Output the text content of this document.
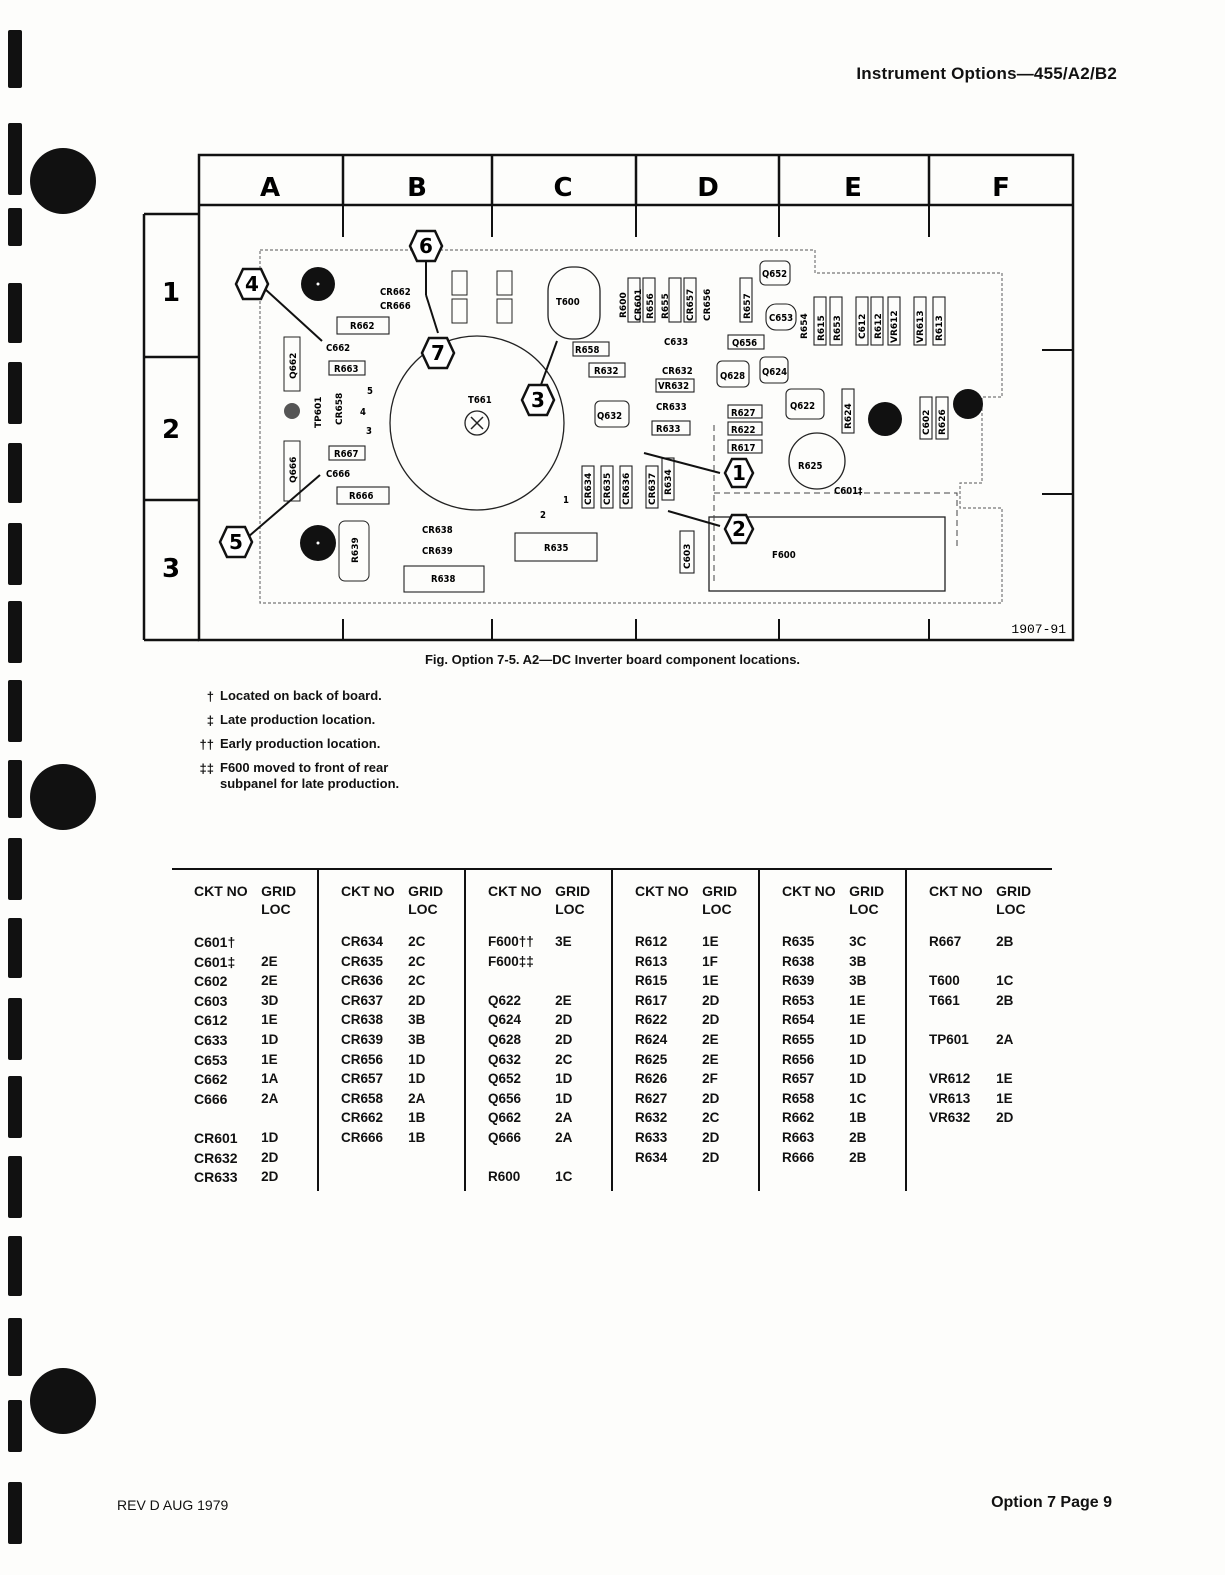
Instrument Options—455/A2/B2
A	B	C	D	E	F
1
2
3
1907-91
CR662
CR666
R662
C662
Q662	R663
TP601 CR658
R667
Q666	C666
R666
R639
CR638
CR639
R638
R635
T661
T600
R658
R632	CR632
VR632
CR633
R633
Q632
C633	Q656
Q628 Q624
R627
R622
R617
Q622
R625
C601‡
Q652
C653
F600
R600 CR601 R656 R655 CR657 CR656	R657
R654 R615 R653 C612 R612 VR612 VR613 R613
R624	C602 R626
CR634 CR635 CR636 CR637 R634
C603
5
4
3
1
2
1
2
3
4
5
6
7
Fig. Option 7-5. A2—DC Inverter board component locations.
† Located on back of board.
‡ Late production location.
†† Early production location.
‡‡ F600 moved to front of rear subpanel for late production.
CKT NO GRID LOC
C601†
C601‡	2E
C602	2E
C603	3D
C612	1E
C633	1D
C653	1E
C662	1A
C666	2A
CR601	1D
CR632	2D
CR633	2D
CKT NO GRID LOC
CR634	2C
CR635	2C
CR636	2C
CR637	2D
CR638	3B
CR639	3B
CR656	1D
CR657	1D
CR658	2A
CR662	1B
CR666	1B
CKT NO GRID LOC
F600††	3E
F600‡‡
Q622	2E
Q624	2D
Q628	2D
Q632	2C
Q652	1D
Q656	1D
Q662	2A
Q666	2A
R600	1C
CKT NO GRID LOC
R612	1E
R613	1F
R615	1E
R617	2D
R622	2D
R624	2E
R625	2E
R626	2F
R627	2D
R632	2C
R633	2D
R634	2D
CKT NO GRID LOC
R635	3C
R638	3B
R639	3B
R653	1E
R654	1E
R655	1D
R656	1D
R657	1D
R658	1C
R662	1B
R663	2B
R666	2B
CKT NO GRID LOC
R667	2B
T600	1C
T661	2B
TP601	2A
VR612	1E
VR613	1E
VR632	2D
REV D AUG 1979	Option 7 Page 9
